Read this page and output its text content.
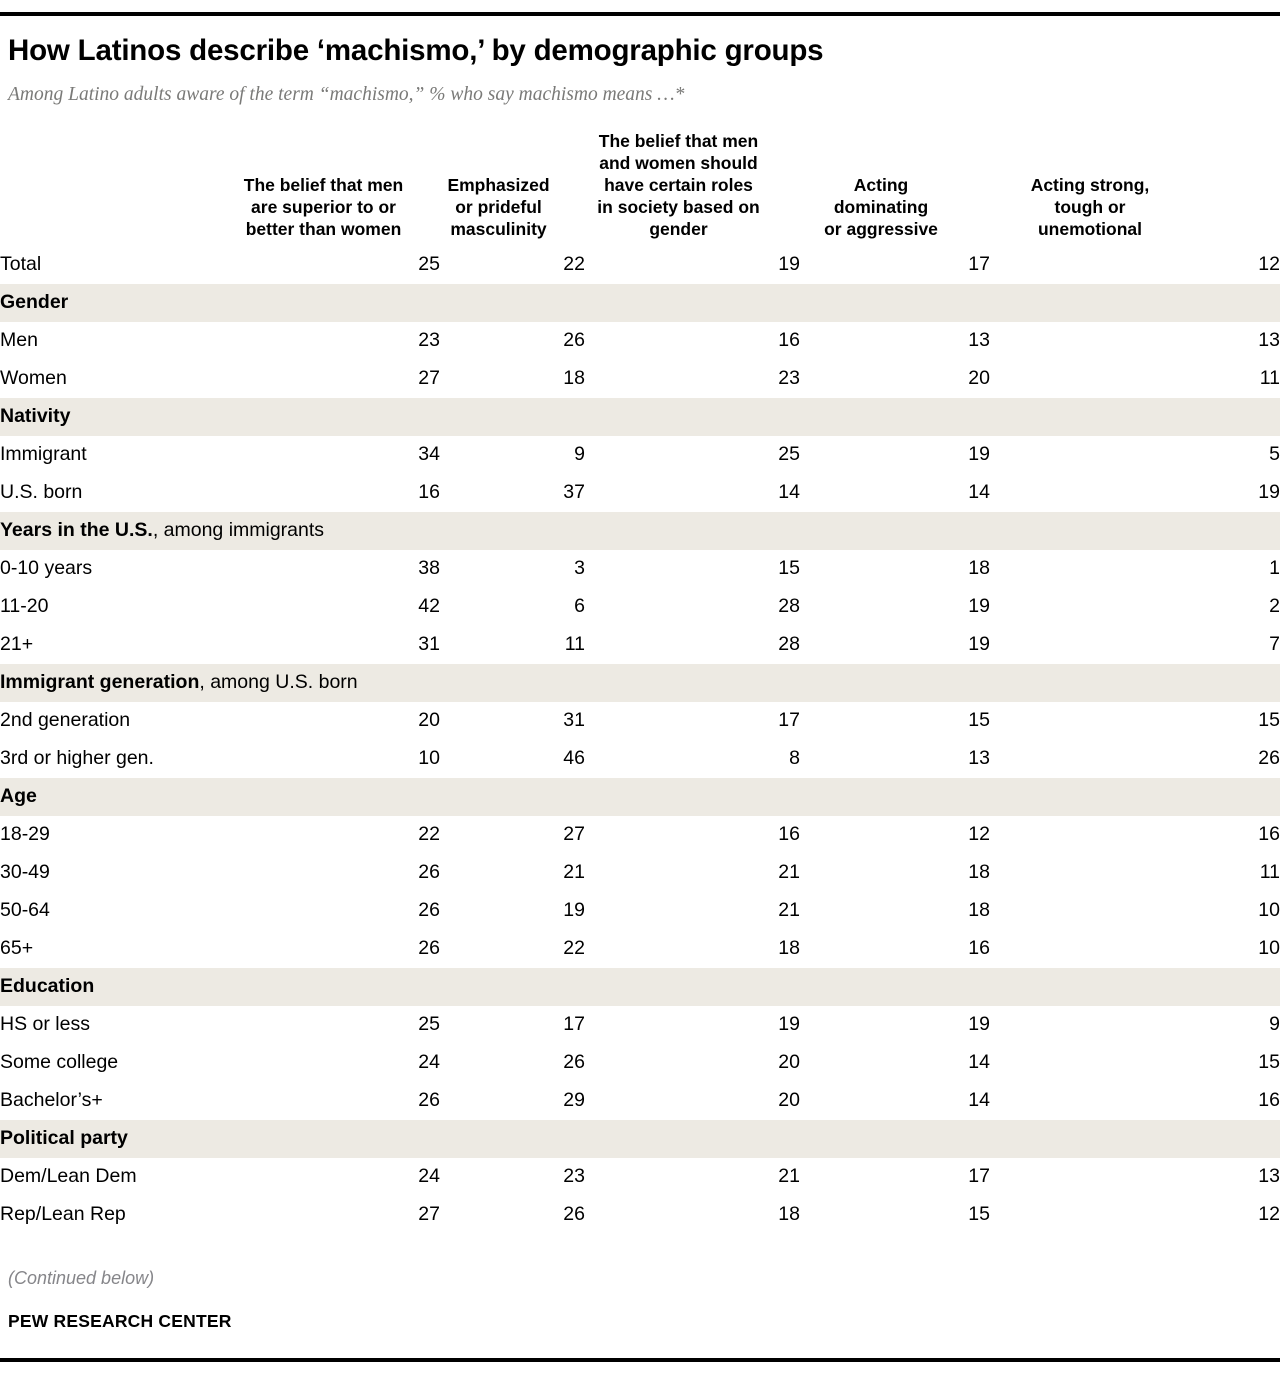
How Latinos describe ‘machismo,’ by demographic groups
Among Latino adults aware of the term “machismo,” % who say machismo means …*

	The belief that men
are superior to or
better than women	Emphasized
or prideful
masculinity	The belief that men
and women should
have certain roles
in society based on
gender	Acting
dominating
or aggressive	Acting strong,
tough or
unemotional

Total	25	22	19	17	12
Gender					
Men	23	26	16	13	13
Women	27	18	23	20	11
Nativity					
Immigrant	34	9	25	19	5
U.S. born	16	37	14	14	19
Years in the U.S., among immigrants					
0-10 years	38	3	15	18	1
11-20	42	6	28	19	2
21+	31	11	28	19	7
Immigrant generation, among U.S. born					
2nd generation	20	31	17	15	15
3rd or higher gen.	10	46	8	13	26
Age					
18-29	22	27	16	12	16
30-49	26	21	21	18	11
50-64	26	19	21	18	10
65+	26	22	18	16	10
Education					
HS or less	25	17	19	19	9
Some college	24	26	20	14	15
Bachelor’s+	26	29	20	14	16
Political party					
Dem/Lean Dem	24	23	21	17	13
Rep/Lean Rep	27	26	18	15	12
(Continued below)
PEW RESEARCH CENTER
